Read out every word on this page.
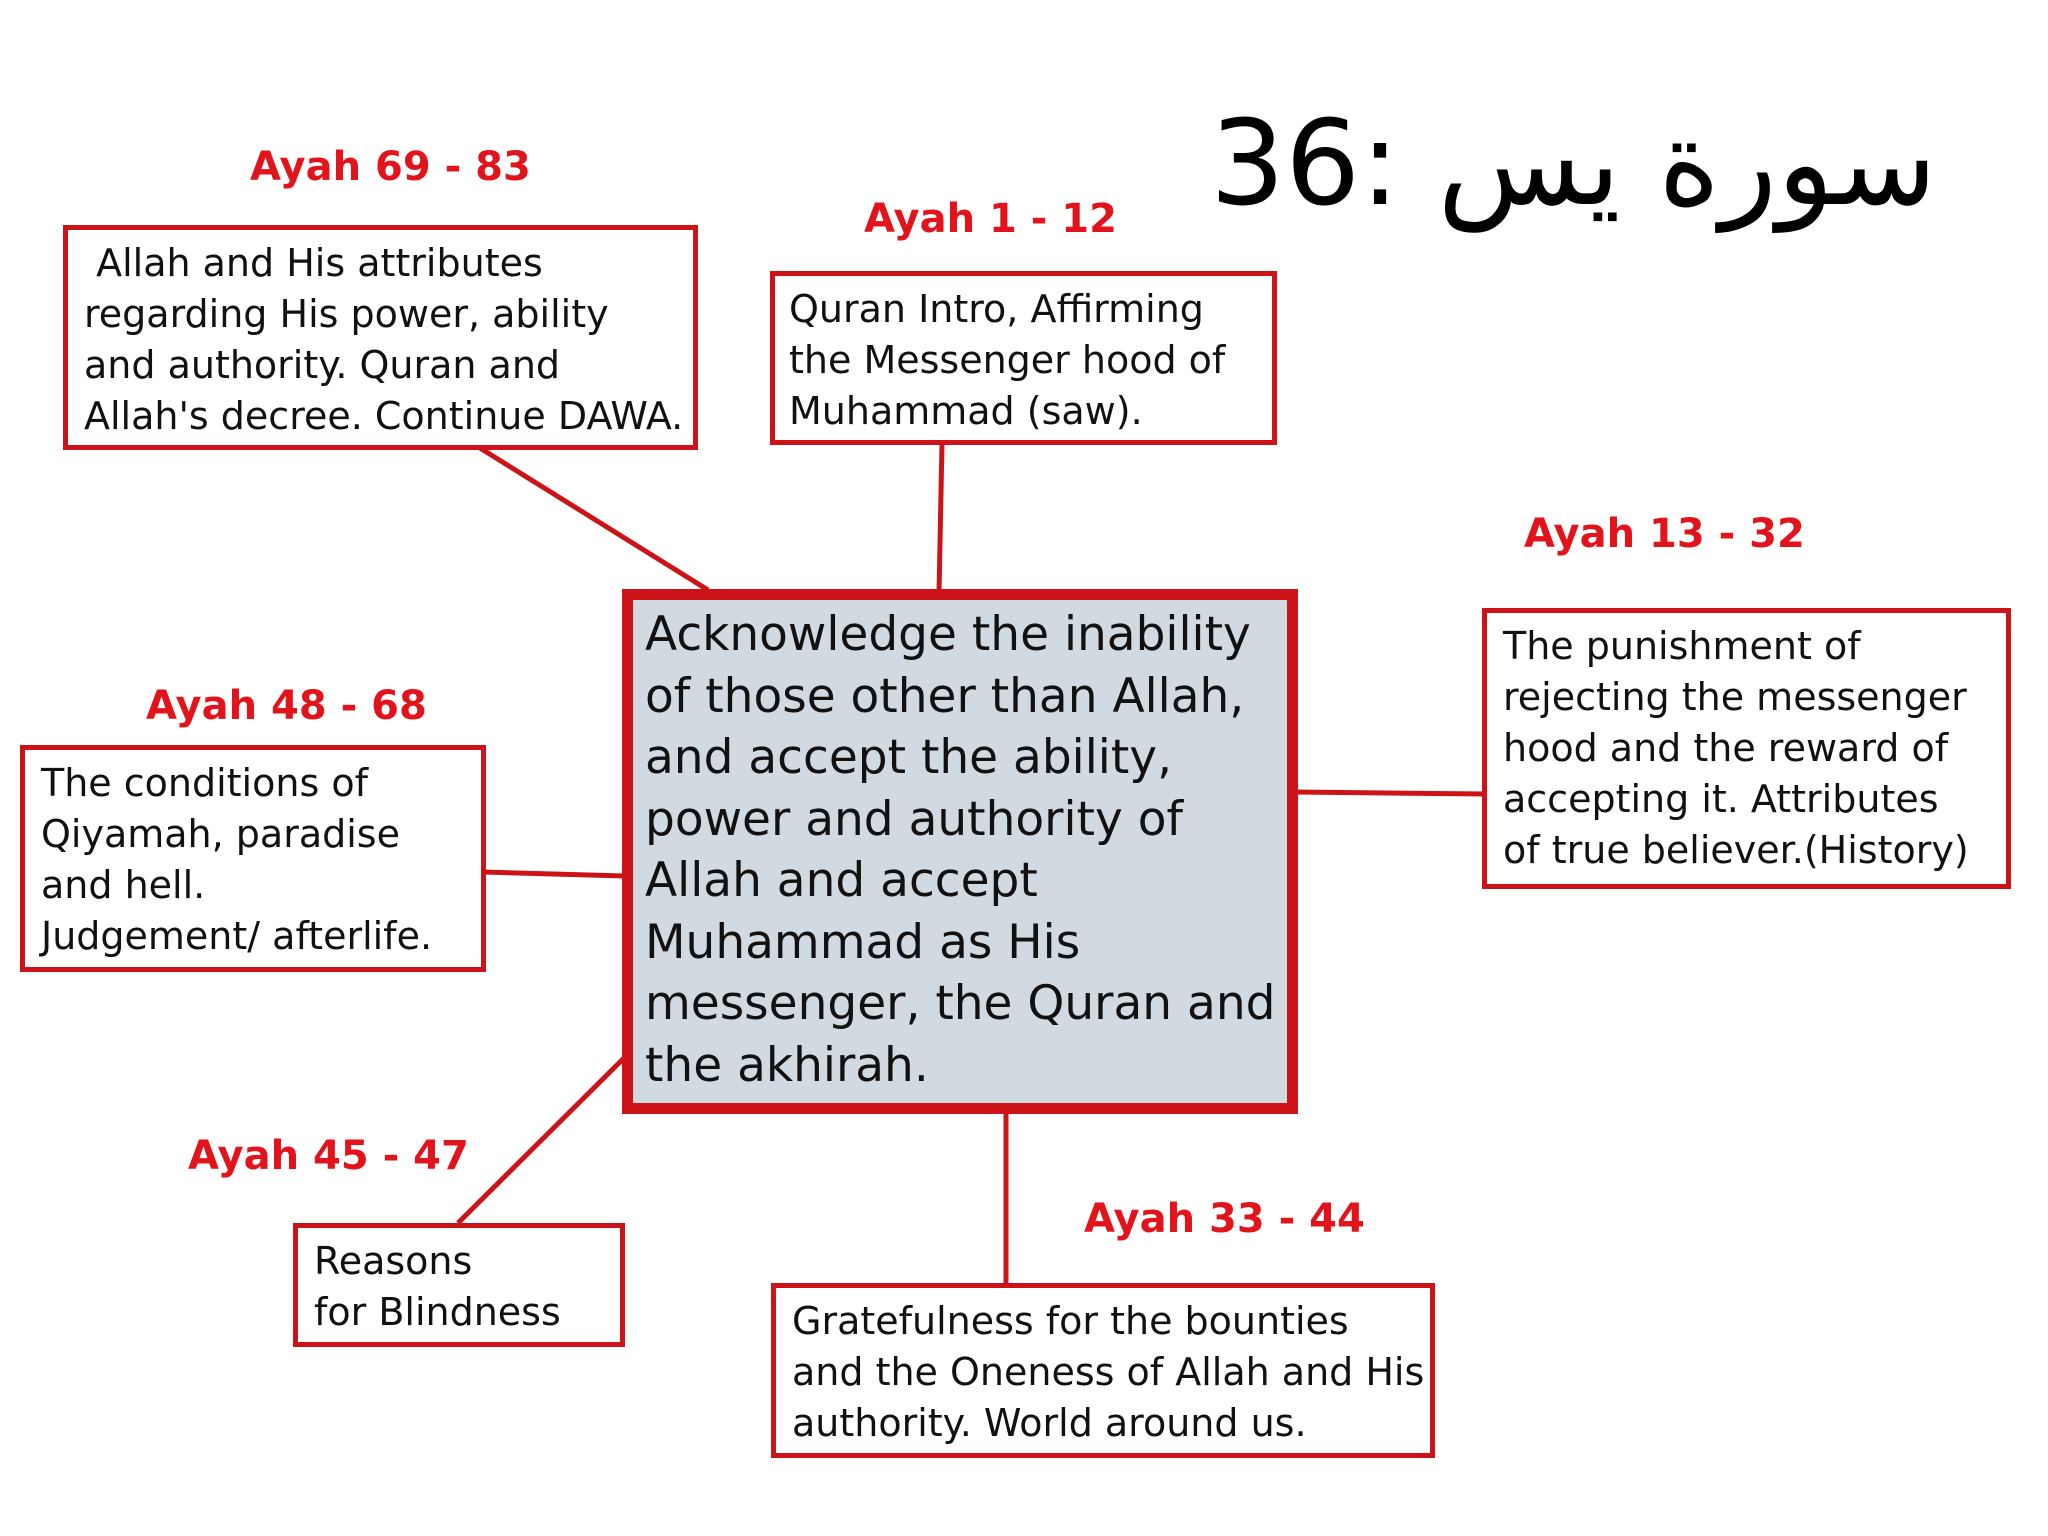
36: سورة يس
Ayah 69 - 83
Allah and His attributes
regarding His power, ability
and authority. Quran and
Allah's decree. Continue DAWA.
Ayah 1 - 12
Quran Intro, Affirming
the Messenger hood of
Muhammad (saw).
Ayah 13 - 32
The punishment of
rejecting the messenger
hood and the reward of
accepting it. Attributes
of true believer.(History)
Ayah 48 - 68
The conditions of
Qiyamah, paradise
and hell.
Judgement/ afterlife.
Ayah 45 - 47
Reasons
for Blindness
Ayah 33 - 44
Gratefulness for the bounties
and the Oneness of Allah and His
authority. World around us.
Acknowledge the inability
of those other than Allah,
and accept the ability,
power and authority of
Allah and accept
Muhammad as His
messenger, the Quran and
the akhirah.
